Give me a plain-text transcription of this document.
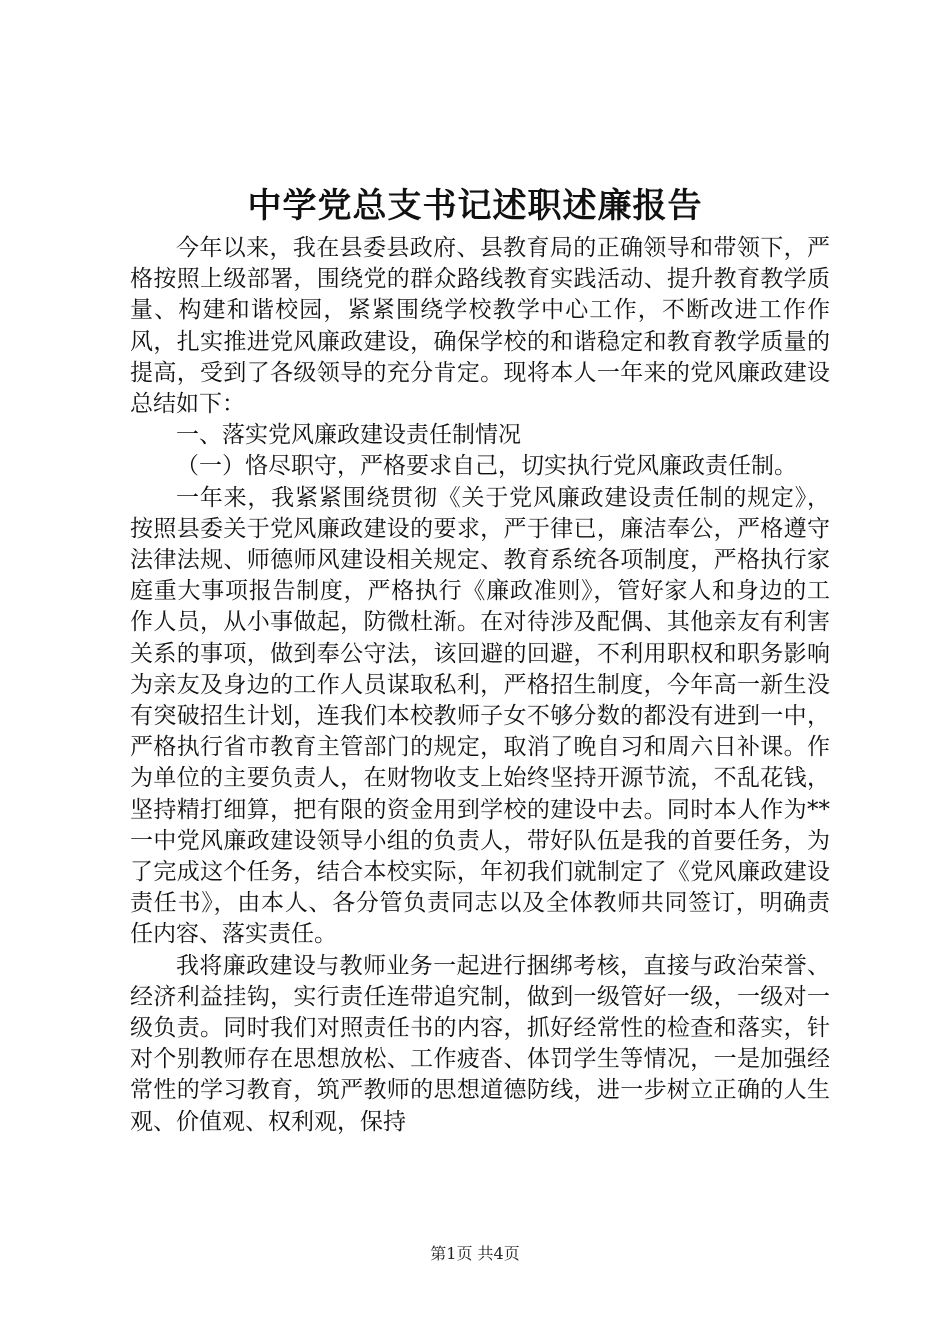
中学党总支书记述职述廉报告

今年以来，我在县委县政府、县教育局的正确领导和带领下，严格按照上级部署，围绕党的群众路线教育实践活动、提升教育教学质量、构建和谐校园，紧紧围绕学校教学中心工作，不断改进工作作风，扎实推进党风廉政建设，确保学校的和谐稳定和教育教学质量的提高，受到了各级领导的充分肯定。现将本人一年来的党风廉政建设总结如下：

一、落实党风廉政建设责任制情况

（一）恪尽职守，严格要求自己，切实执行党风廉政责任制。

一年来，我紧紧围绕贯彻《关于党风廉政建设责任制的规定》，按照县委关于党风廉政建设的要求，严于律已，廉洁奉公，严格遵守法律法规、师德师风建设相关规定、教育系统各项制度，严格执行家庭重大事项报告制度，严格执行《廉政准则》，管好家人和身边的工作人员，从小事做起，防微杜渐。在对待涉及配偶、其他亲友有利害关系的事项，做到奉公守法，该回避的回避，不利用职权和职务影响为亲友及身边的工作人员谋取私利，严格招生制度，今年高一新生没有突破招生计划，连我们本校教师子女不够分数的都没有进到一中，严格执行省市教育主管部门的规定，取消了晚自习和周六日补课。作为单位的主要负责人，在财物收支上始终坚持开源节流，不乱花钱，坚持精打细算，把有限的资金用到学校的建设中去。同时本人作为**一中党风廉政建设领导小组的负责人，带好队伍是我的首要任务，为了完成这个任务，结合本校实际，年初我们就制定了《党风廉政建设责任书》，由本人、各分管负责同志以及全体教师共同签订，明确责任内容、落实责任。

我将廉政建设与教师业务一起进行捆绑考核，直接与政治荣誉、经济利益挂钩，实行责任连带追究制，做到一级管好一级，一级对一级负责。同时我们对照责任书的内容，抓好经常性的检查和落实，针对个别教师存在思想放松、工作疲沓、体罚学生等情况，一是加强经常性的学习教育，筑严教师的思想道德防线，进一步树立正确的人生观、价值观、权利观，保持

第1页 共4页
